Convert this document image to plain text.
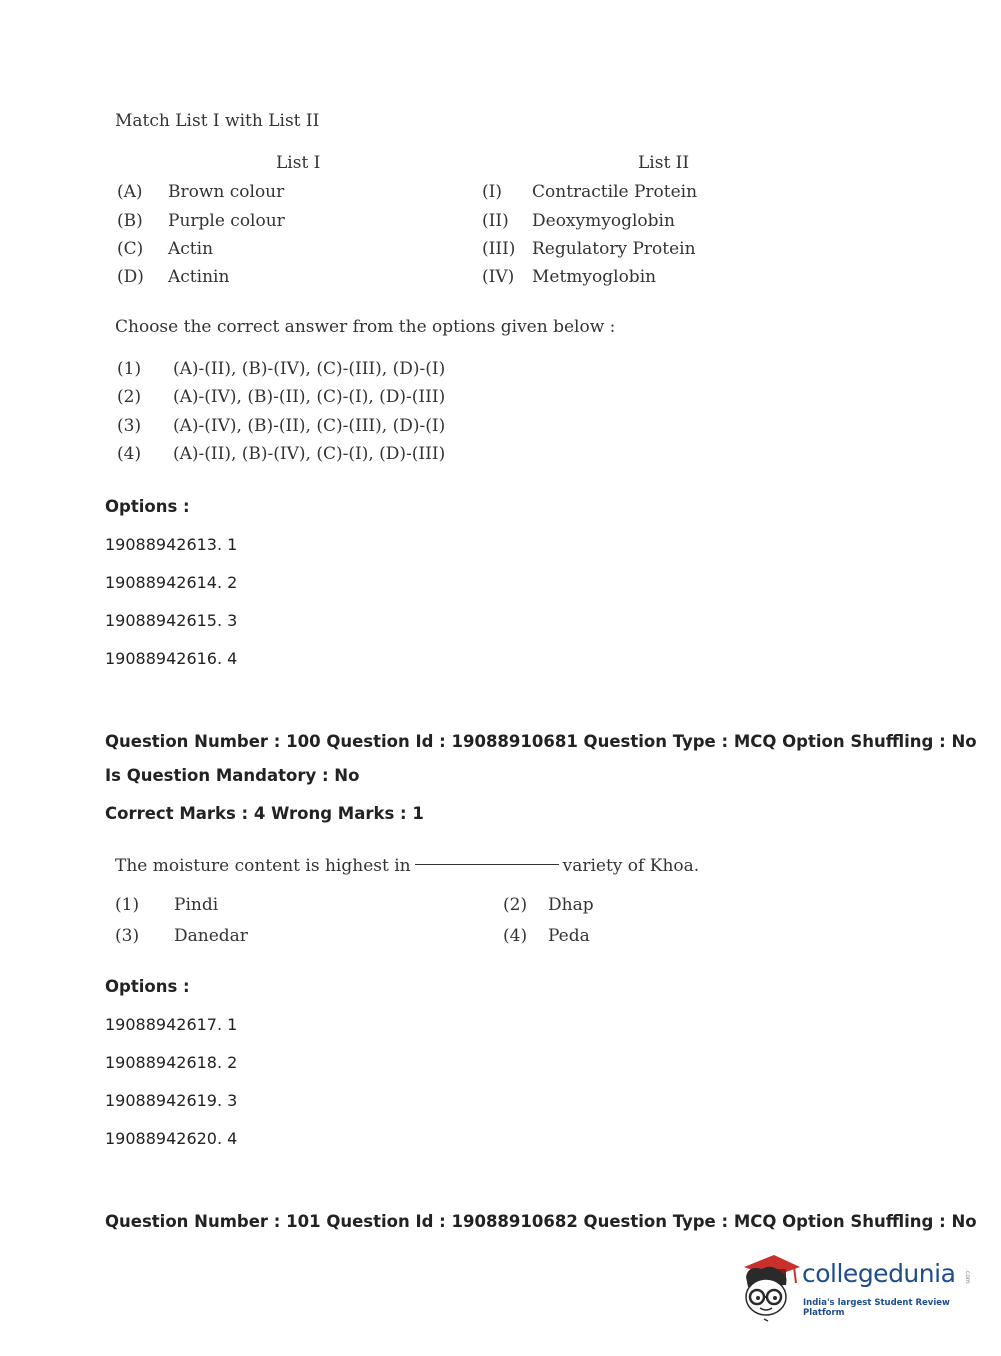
Match List I with List II
List I	List II
(A) Brown colour	(I) Contractile Protein
(B) Purple colour	(II) Deoxymyoglobin
(C) Actin	(III) Regulatory Protein
(D) Actinin	(IV) Metmyoglobin
Choose the correct answer from the options given below :
(1) (A)-(II), (B)-(IV), (C)-(III), (D)-(I)
(2) (A)-(IV), (B)-(II), (C)-(I), (D)-(III)
(3) (A)-(IV), (B)-(II), (C)-(III), (D)-(I)
(4) (A)-(II), (B)-(IV), (C)-(I), (D)-(III)
Options :
19088942613. 1
19088942614. 2
19088942615. 3
19088942616. 4
Question Number : 100 Question Id : 19088910681 Question Type : MCQ Option Shuffling : No
Is Question Mandatory : No
Correct Marks : 4 Wrong Marks : 1
The moisture content is highest in	variety of Khoa.
(1) Pindi	(2) Dhap
(3) Danedar	(4) Peda
Options :
19088942617. 1
19088942618. 2
19088942619. 3
19088942620. 4
Question Number : 101 Question Id : 19088910682 Question Type : MCQ Option Shuffling : No
collegedunia .com
India's largest Student Review Platform
